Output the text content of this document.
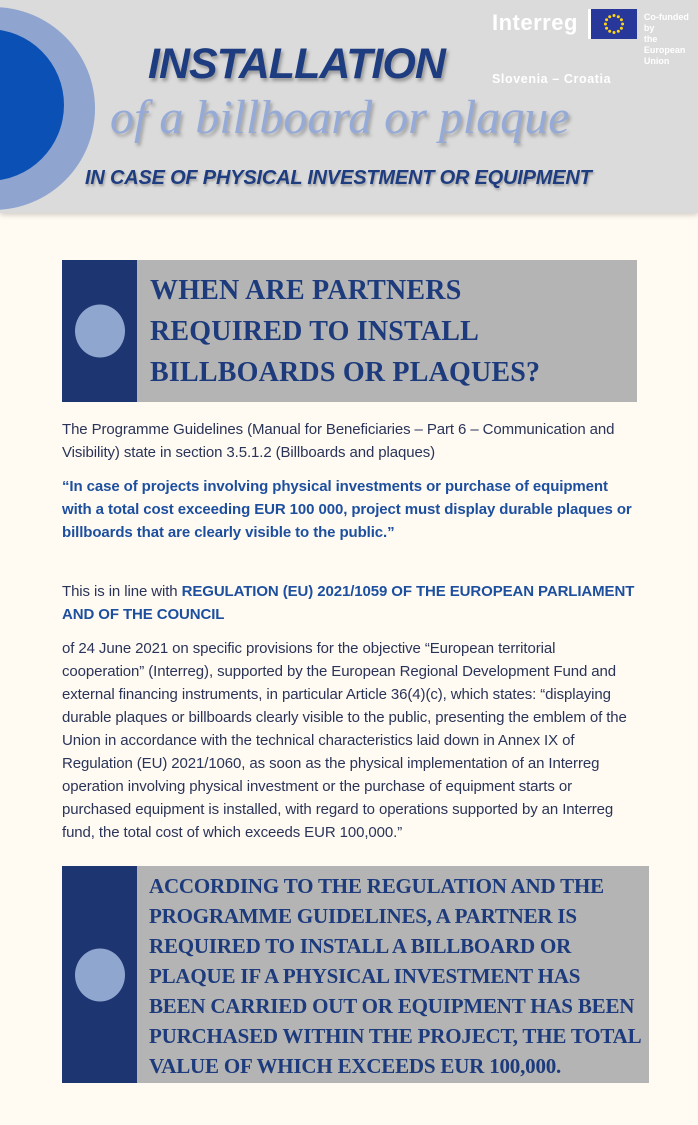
INSTALLATION
of a billboard or plaque
IN CASE OF PHYSICAL INVESTMENT OR EQUIPMENT
Interreg	Co-funded by
the European Union
Slovenia – Croatia
WHEN ARE PARTNERS
REQUIRED TO INSTALL
BILLBOARDS OR PLAQUES?

The Programme Guidelines (Manual for Beneficiaries – Part 6 – Communication and Visibility) state in section 3.5.1.2 (Billboards and plaques)

“In case of projects involving physical investments or purchase of equipment with a total cost exceeding EUR 100 000, project must display durable plaques or billboards that are clearly visible to the public.”

This is in line with REGULATION (EU) 2021/1059 OF THE EUROPEAN PARLIAMENT AND OF THE COUNCIL

of 24 June 2021 on specific provisions for the objective “European territorial cooperation” (Interreg), supported by the European Regional Development Fund and external financing instruments, in particular Article 36(4)(c), which states: “displaying durable plaques or billboards clearly visible to the public, presenting the emblem of the Union in accordance with the technical characteristics laid down in Annex IX of Regulation (EU) 2021/1060, as soon as the physical implementation of an Interreg operation involving physical investment or the purchase of equipment starts or purchased equipment is installed, with regard to operations supported by an Interreg fund, the total cost of which exceeds EUR 100,000.”

ACCORDING TO THE REGULATION AND THE
PROGRAMME GUIDELINES, A PARTNER IS
REQUIRED TO INSTALL A BILLBOARD OR
PLAQUE IF A PHYSICAL INVESTMENT HAS
BEEN CARRIED OUT OR EQUIPMENT HAS BEEN
PURCHASED WITHIN THE PROJECT, THE TOTAL
VALUE OF WHICH EXCEEDS EUR 100,000.
